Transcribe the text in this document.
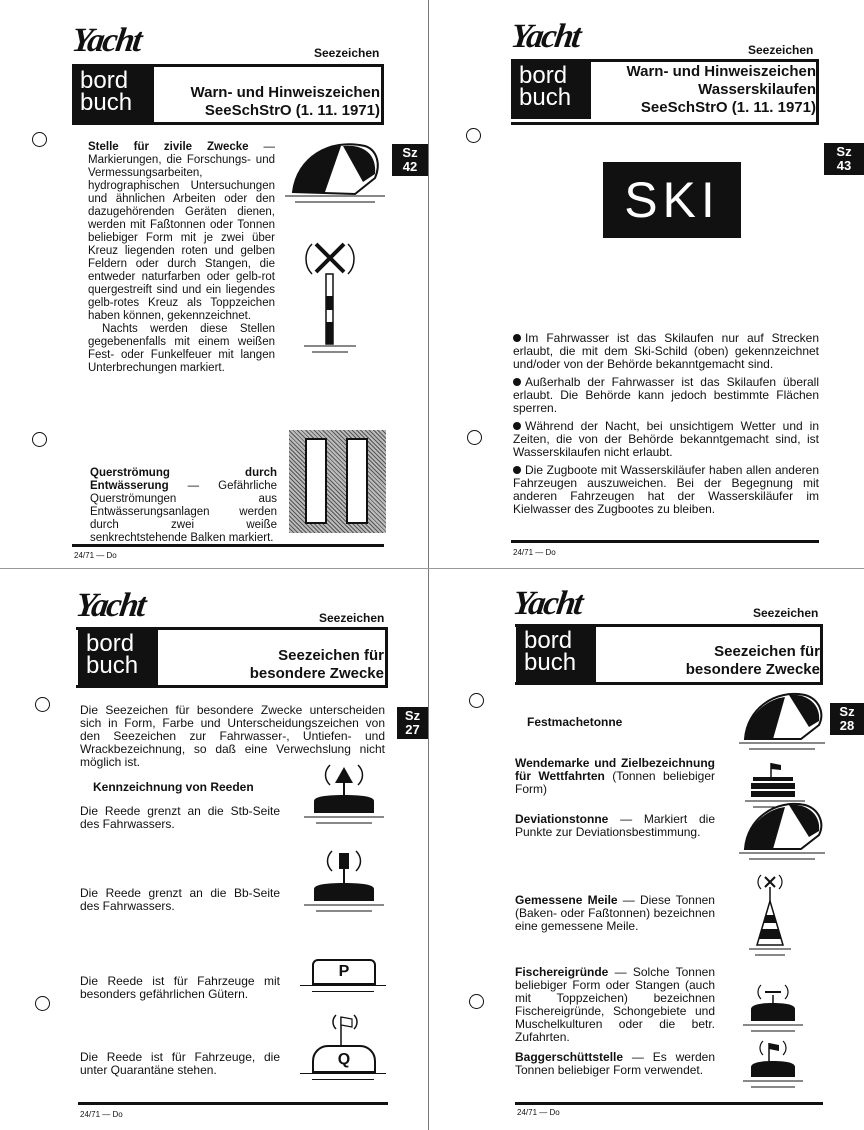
Yacht	Seezeichen
bord
buch	Warn- und Hinweiszeichen
SeeSchStrO (1. 11. 1971)
Sz
42

Stelle für zivile Zwecke — Markierungen, die Forschungs- und Vermessungsarbeiten, hydrographischen Untersuchungen und ähnlichen Arbeiten oder den dazugehörenden Geräten dienen, werden mit Faßtonnen oder Tonnen beliebiger Form mit je zwei über Kreuz liegenden roten und gelben Feldern oder durch Stangen, die entweder naturfarben oder gelb-rot quergestreift sind und ein liegendes gelb-rotes Kreuz als Toppzeichen haben können, gekennzeichnet.

Nachts werden diese Stellen gegebenenfalls mit einem weißen Fest- oder Funkelfeuer mit langen Unterbrechungen markiert.

Querströmung durch Entwässerung — Gefährliche Querströmungen aus Entwässerungsanlagen werden durch zwei weiße senkrechtstehende Balken markiert.

24/71 — Do
Yacht	Seezeichen
bord
buch
Warn- und Hinweiszeichen
Wasserskilaufen
SeeSchStrO (1. 11. 1971)
Sz
43
SKI

Im Fahrwasser ist das Skilaufen nur auf Strecken erlaubt, die mit dem Ski-Schild (oben) gekennzeichnet und/oder von der Behörde bekanntgemacht sind.

Außerhalb der Fahrwasser ist das Skilaufen überall erlaubt. Die Behörde kann jedoch bestimmte Flächen sperren.

Während der Nacht, bei unsichtigem Wetter und in Zeiten, die von der Behörde bekanntgemacht sind, ist Wasserskilaufen nicht erlaubt.

Die Zugboote mit Wasserskiläufer haben allen anderen Fahrzeugen auszuweichen. Bei der Begegnung mit anderen Fahrzeugen hat der Wasserskiläufer im Kielwasser des Zugbootes zu bleiben.

24/71 — Do
Yacht	Seezeichen
bord
buch	Seezeichen für
besondere Zwecke
Sz
27
Die Seezeichen für besondere Zwecke unterscheiden sich in Form, Farbe und Unterscheidungszeichen von den Seezeichen zur Fahrwasser-, Untiefen- und Wrackbezeichnung, so daß eine Verwechslung nicht möglich ist.
Kennzeichnung von Reeden
Die Reede grenzt an die Stb-Seite des Fahrwassers.
Die Reede grenzt an die Bb-Seite des Fahrwassers.
Die Reede ist für Fahrzeuge mit besonders gefährlichen Gütern.
Die Reede ist für Fahrzeuge, die unter Quarantäne stehen.
P
Q
24/71 — Do
Yacht	Seezeichen
bord
buch	Seezeichen für
besondere Zwecke
Sz
28
Festmachetonne
Wendemarke und Zielbezeichnung für Wettfahrten (Tonnen beliebiger Form)
Deviationstonne — Markiert die Punkte zur Deviationsbestimmung.
Gemessene Meile — Diese Tonnen (Baken- oder Faßtonnen) bezeichnen eine gemessene Meile.
Fischereigründe — Solche Tonnen beliebiger Form oder Stangen (auch mit Toppzeichen) bezeichnen Fischereigründe, Schongebiete und Muschelkulturen oder die betr. Zufahrten.
Baggerschüttstelle — Es werden Tonnen beliebiger Form verwendet.
24/71 — Do
